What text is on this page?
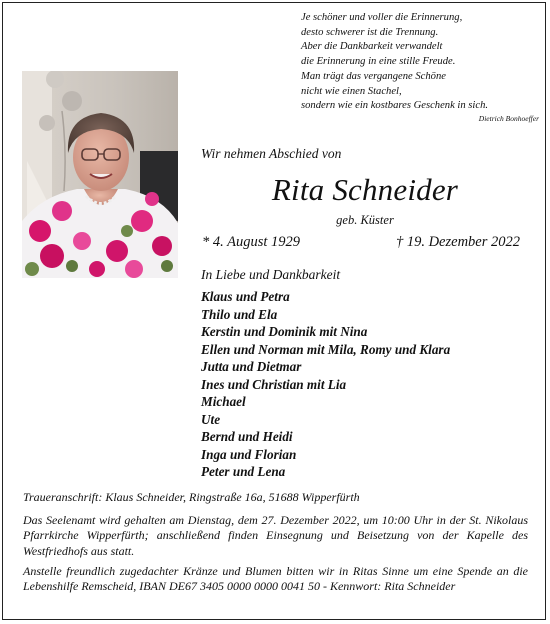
Je schöner und voller die Erinnerung,
desto schwerer ist die Trennung.
Aber die Dankbarkeit verwandelt
die Erinnerung in eine stille Freude.
Man trägt das vergangene Schöne
nicht wie einen Stachel,
sondern wie ein kostbares Geschenk in sich.
Dietrich Bonhoeffer
Wir nehmen Abschied von
Rita Schneider
geb. Küster
* 4. August 1929	† 19. Dezember 2022
In Liebe und Dankbarkeit
Klaus und Petra
Thilo und Ela
Kerstin und Dominik mit Nina
Ellen und Norman mit Mila, Romy und Klara
Jutta und Dietmar
Ines und Christian mit Lia
Michael
Ute
Bernd und Heidi
Inga und Florian
Peter und Lena
Traueranschrift: Klaus Schneider, Ringstraße 16a, 51688 Wipperfürth
Das Seelenamt wird gehalten am Dienstag, dem 27. Dezember 2022, um 10:00 Uhr in der St. Nikolaus Pfarrkirche Wipperfürth; anschließend finden Einsegnung und Beisetzung von der Kapelle des Westfriedhofs aus statt.
Anstelle freundlich zugedachter Kränze und Blumen bitten wir in Ritas Sinne um eine Spende an die Lebenshilfe Remscheid, IBAN DE67 3405 0000 0000 0041 50 - Kennwort: Rita Schneider
